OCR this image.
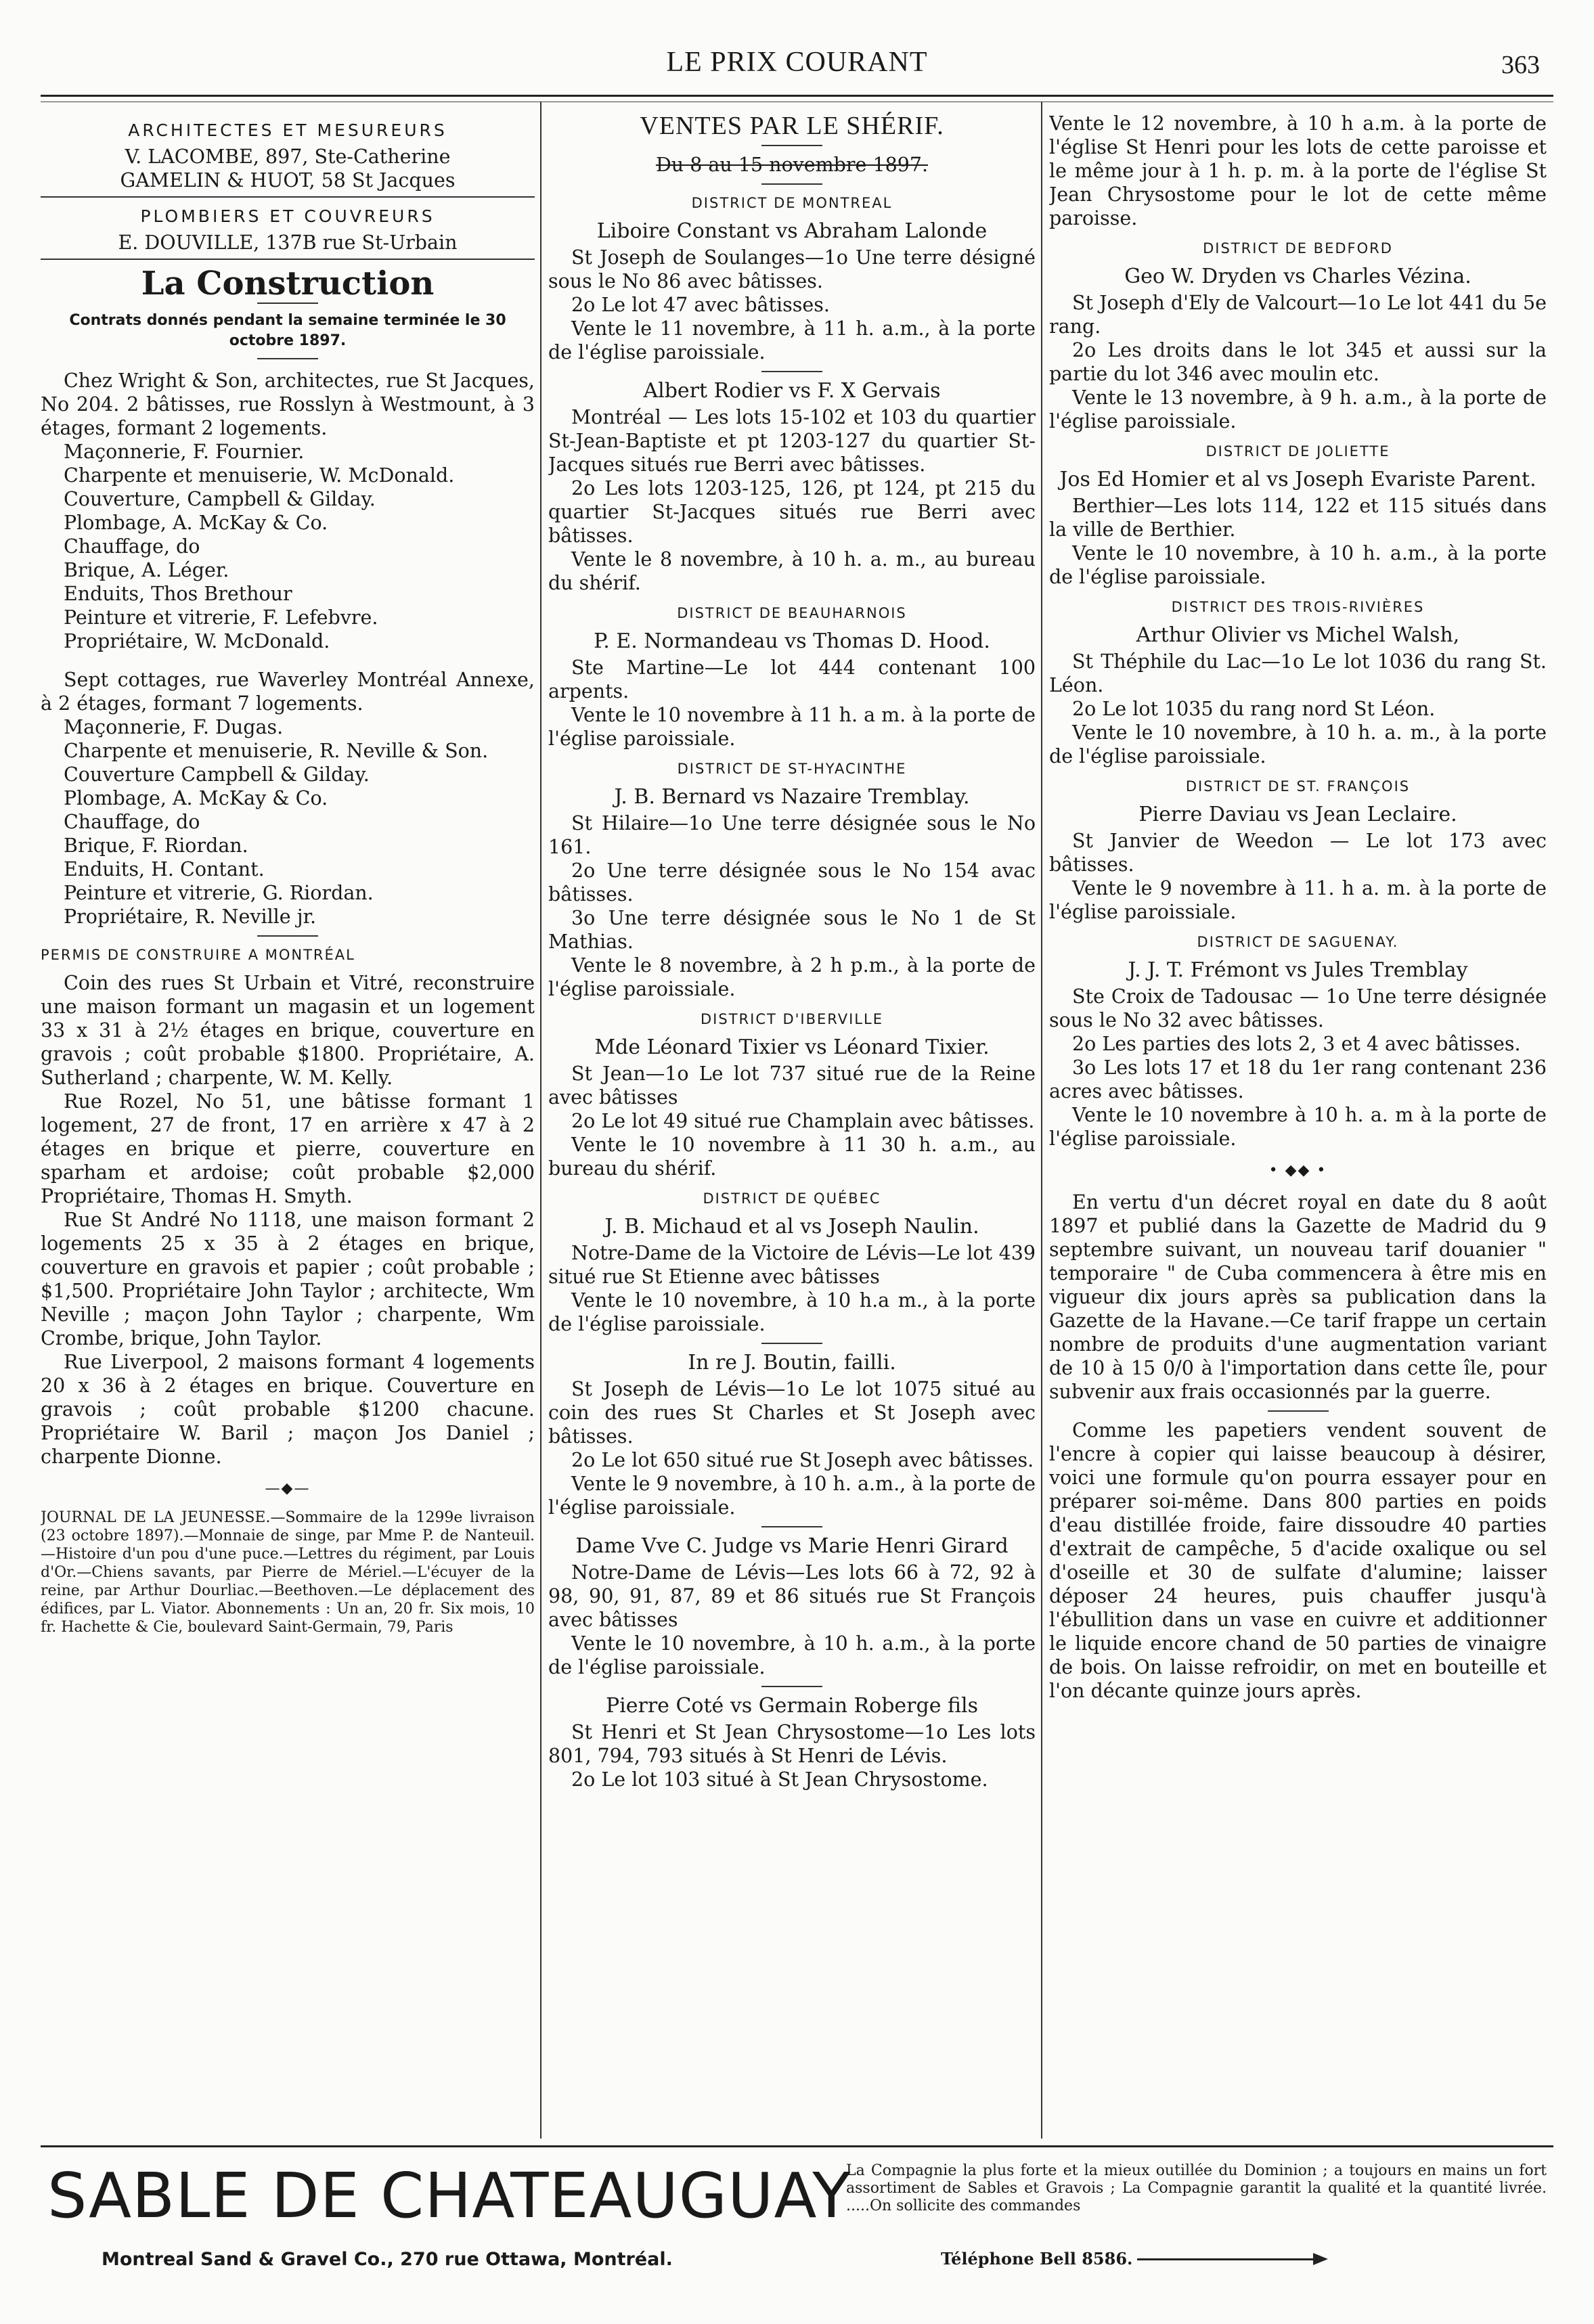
LE PRIX COURANT	363
ARCHITECTES ET MESUREURS

V. LACOMBE, 897, Ste-Catherine

GAMELIN & HUOT, 58 St Jacques

PLOMBIERS ET COUVREURS

E. DOUVILLE, 137B rue St-Urbain

La Construction

Contrats donnés pendant la semaine terminée le 30 octobre 1897.

Chez Wright & Son, architectes, rue St Jacques, No 204. 2 bâtisses, rue Rosslyn à Westmount, à 3 étages, formant 2 logements.

Maçonnerie, F. Fournier.

Charpente et menuiserie, W. McDonald.

Couverture, Campbell & Gilday.

Plombage, A. McKay & Co.

Chauffage, do

Brique, A. Léger.

Enduits, Thos Brethour

Peinture et vitrerie, F. Lefebvre.

Propriétaire, W. McDonald.

Sept cottages, rue Waverley Montréal Annexe, à 2 étages, formant 7 logements.

Maçonnerie, F. Dugas.

Charpente et menuiserie, R. Neville & Son.

Couverture Campbell & Gilday.

Plombage, A. McKay & Co.

Chauffage, do

Brique, F. Riordan.

Enduits, H. Contant.

Peinture et vitrerie, G. Riordan.

Propriétaire, R. Neville jr.

PERMIS DE CONSTRUIRE A MONTRÉAL

Coin des rues St Urbain et Vitré, reconstruire une maison formant un magasin et un logement 33 x 31 à 2½ étages en brique, couverture en gravois ; coût probable $1800. Propriétaire, A. Sutherland ; charpente, W. M. Kelly.

Rue Rozel, No 51, une bâtisse formant 1 logement, 27 de front, 17 en arrière x 47 à 2 étages en brique et pierre, couverture en sparham et ardoise; coût probable $2,000 Propriétaire, Thomas H. Smyth.

Rue St André No 1118, une maison formant 2 logements 25 x 35 à 2 étages en brique, couverture en gravois et papier ; coût probable ; $1,500. Propriétaire John Taylor ; architecte, Wm Neville ; maçon John Taylor ; charpente, Wm Crombe, brique, John Taylor.

Rue Liverpool, 2 maisons formant 4 logements 20 x 36 à 2 étages en brique. Couverture en gravois ; coût probable $1200 chacune. Propriétaire W. Baril ; maçon Jos Daniel ; charpente Dionne.

—◆—

JOURNAL DE LA JEUNESSE.—Sommaire de la 1299e livraison (23 octobre 1897).—Monnaie de singe, par Mme P. de Nanteuil.—Histoire d'un pou d'une puce.—Lettres du régiment, par Louis d'Or.—Chiens savants, par Pierre de Mériel.—L'écuyer de la reine, par Arthur Dourliac.—Beethoven.—Le déplacement des édifices, par L. Viator. Abonnements : Un an, 20 fr. Six mois, 10 fr. Hachette & Cie, boulevard Saint-Germain, 79, Paris

VENTES PAR LE SHÉRIF.

Du 8 au 15 novembre 1897.

DISTRICT DE MONTREAL

Liboire Constant vs Abraham Lalonde

St Joseph de Soulanges—1o Une terre désigné sous le No 86 avec bâtisses.

2o Le lot 47 avec bâtisses.

Vente le 11 novembre, à 11 h. a.m., à la porte de l'église paroissiale.

Albert Rodier vs F. X Gervais

Montréal — Les lots 15-102 et 103 du quartier St-Jean-Baptiste et pt 1203-127 du quartier St-Jacques situés rue Berri avec bâtisses.

2o Les lots 1203-125, 126, pt 124, pt 215 du quartier St-Jacques situés rue Berri avec bâtisses.

Vente le 8 novembre, à 10 h. a. m., au bureau du shérif.

DISTRICT DE BEAUHARNOIS

P. E. Normandeau vs Thomas D. Hood.

Ste Martine—Le lot 444 contenant 100 arpents.

Vente le 10 novembre à 11 h. a m. à la porte de l'église paroissiale.

DISTRICT DE ST-HYACINTHE

J. B. Bernard vs Nazaire Tremblay.

St Hilaire—1o Une terre désignée sous le No 161.

2o Une terre désignée sous le No 154 avac bâtisses.

3o Une terre désignée sous le No 1 de St Mathias.

Vente le 8 novembre, à 2 h p.m., à la porte de l'église paroissiale.

DISTRICT D'IBERVILLE

Mde Léonard Tixier vs Léonard Tixier.

St Jean—1o Le lot 737 situé rue de la Reine avec bâtisses

2o Le lot 49 situé rue Champlain avec bâtisses.

Vente le 10 novembre à 11 30 h. a.m., au bureau du shérif.

DISTRICT DE QUÉBEC

J. B. Michaud et al vs Joseph Naulin.

Notre-Dame de la Victoire de Lévis—Le lot 439 situé rue St Etienne avec bâtisses

Vente le 10 novembre, à 10 h.a m., à la porte de l'église paroissiale.

In re J. Boutin, failli.

St Joseph de Lévis—1o Le lot 1075 situé au coin des rues St Charles et St Joseph avec bâtisses.

2o Le lot 650 situé rue St Joseph avec bâtisses.

Vente le 9 novembre, à 10 h. a.m., à la porte de l'église paroissiale.

Dame Vve C. Judge vs Marie Henri Girard

Notre-Dame de Lévis—Les lots 66 à 72, 92 à 98, 90, 91, 87, 89 et 86 situés rue St François avec bâtisses

Vente le 10 novembre, à 10 h. a.m., à la porte de l'église paroissiale.

Pierre Coté vs Germain Roberge fils

St Henri et St Jean Chrysostome—1o Les lots 801, 794, 793 situés à St Henri de Lévis.

2o Le lot 103 situé à St Jean Chrysostome.

Vente le 12 novembre, à 10 h a.m. à la porte de l'église St Henri pour les lots de cette paroisse et le même jour à 1 h. p. m. à la porte de l'église St Jean Chrysostome pour le lot de cette même paroisse.

DISTRICT DE BEDFORD

Geo W. Dryden vs Charles Vézina.

St Joseph d'Ely de Valcourt—1o Le lot 441 du 5e rang.

2o Les droits dans le lot 345 et aussi sur la partie du lot 346 avec moulin etc.

Vente le 13 novembre, à 9 h. a.m., à la porte de l'église paroissiale.

DISTRICT DE JOLIETTE

Jos Ed Homier et al vs Joseph Evariste Parent.

Berthier—Les lots 114, 122 et 115 situés dans la ville de Berthier.

Vente le 10 novembre, à 10 h. a.m., à la porte de l'église paroissiale.

DISTRICT DES TROIS-RIVIÈRES

Arthur Olivier vs Michel Walsh,

St Théphile du Lac—1o Le lot 1036 du rang St. Léon.

2o Le lot 1035 du rang nord St Léon.

Vente le 10 novembre, à 10 h. a. m., à la porte de l'église paroissiale.

DISTRICT DE ST. FRANÇOIS

Pierre Daviau vs Jean Leclaire.

St Janvier de Weedon — Le lot 173 avec bâtisses.

Vente le 9 novembre à 11. h a. m. à la porte de l'église paroissiale.

DISTRICT DE SAGUENAY.

J. J. T. Frémont vs Jules Tremblay

Ste Croix de Tadousac — 1o Une terre désignée sous le No 32 avec bâtisses.

2o Les parties des lots 2, 3 et 4 avec bâtisses.

3o Les lots 17 et 18 du 1er rang contenant 236 acres avec bâtisses.

Vente le 10 novembre à 10 h. a. m à la porte de l'église paroissiale.

• ◆◆ •

En vertu d'un décret royal en date du 8 août 1897 et publié dans la Gazette de Madrid du 9 septembre suivant, un nouveau tarif douanier " temporaire " de Cuba commencera à être mis en vigueur dix jours après sa publication dans la Gazette de la Havane.—Ce tarif frappe un certain nombre de produits d'une augmentation variant de 10 à 15 0/0 à l'importation dans cette île, pour subvenir aux frais occasionnés par la guerre.

Comme les papetiers vendent souvent de l'encre à copier qui laisse beaucoup à désirer, voici une formule qu'on pourra essayer pour en préparer soi-même. Dans 800 parties en poids d'eau distillée froide, faire dissoudre 40 parties d'extrait de campêche, 5 d'acide oxalique ou sel d'oseille et 30 de sulfate d'alumine; laisser déposer 24 heures, puis chauffer jusqu'à l'ébullition dans un vase en cuivre et additionner le liquide encore chand de 50 parties de vinaigre de bois. On laisse refroidir, on met en bouteille et l'on décante quinze jours après.

SABLE DE CHATEAUGUAY
Montreal Sand & Gravel Co., 270 rue Ottawa, Montréal.
La Compagnie la plus forte et la mieux outillée du Dominion ; a toujours en mains un fort assortiment de Sables et Gravois ; La Compagnie garantit la qualité et la quantité livrée. .....On sollicite des commandes
Téléphone Bell 8586.
